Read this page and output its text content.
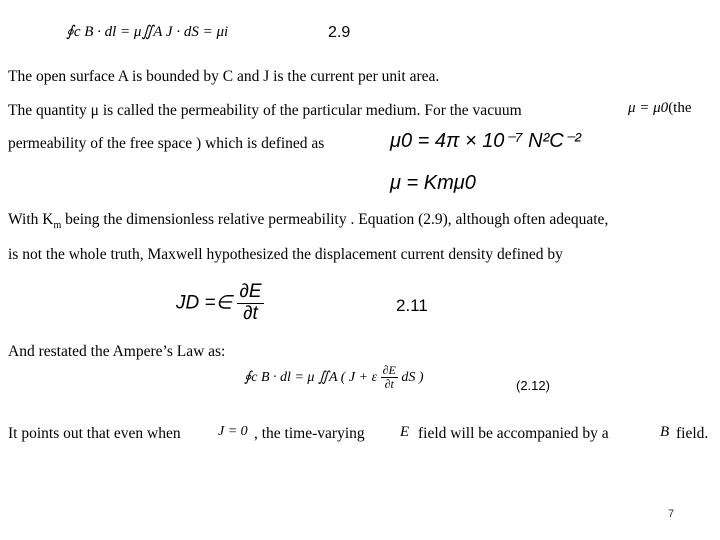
∮c B · dl = μ∬A J · dS = μi	2.9
The open surface A is bounded by C and J is the current per unit area.
The quantity μ is called the permeability of the particular medium. For the vacuum	μ = μ0(the
permeability of the free space ) which is defined as	μ0 = 4π × 10⁻⁷ N²C⁻²
μ = Kmμ0
With $K_m$ being the dimensionless relative permeability . Equation (2.9), although often adequate,
is not the whole truth, Maxwell hypothesized the displacement current density defined by
JD =∈ $\frac{\partial E}{\partial t}$	2.11
And restated the Ampere’s Law as:
∮c B · dl = μ ∬A ( J + ε $\frac{\partial E}{\partial t}$ dS )
(2.12)
It points out that even when	J = 0 , the time-varying E field will be accompanied by a	B field.
7
